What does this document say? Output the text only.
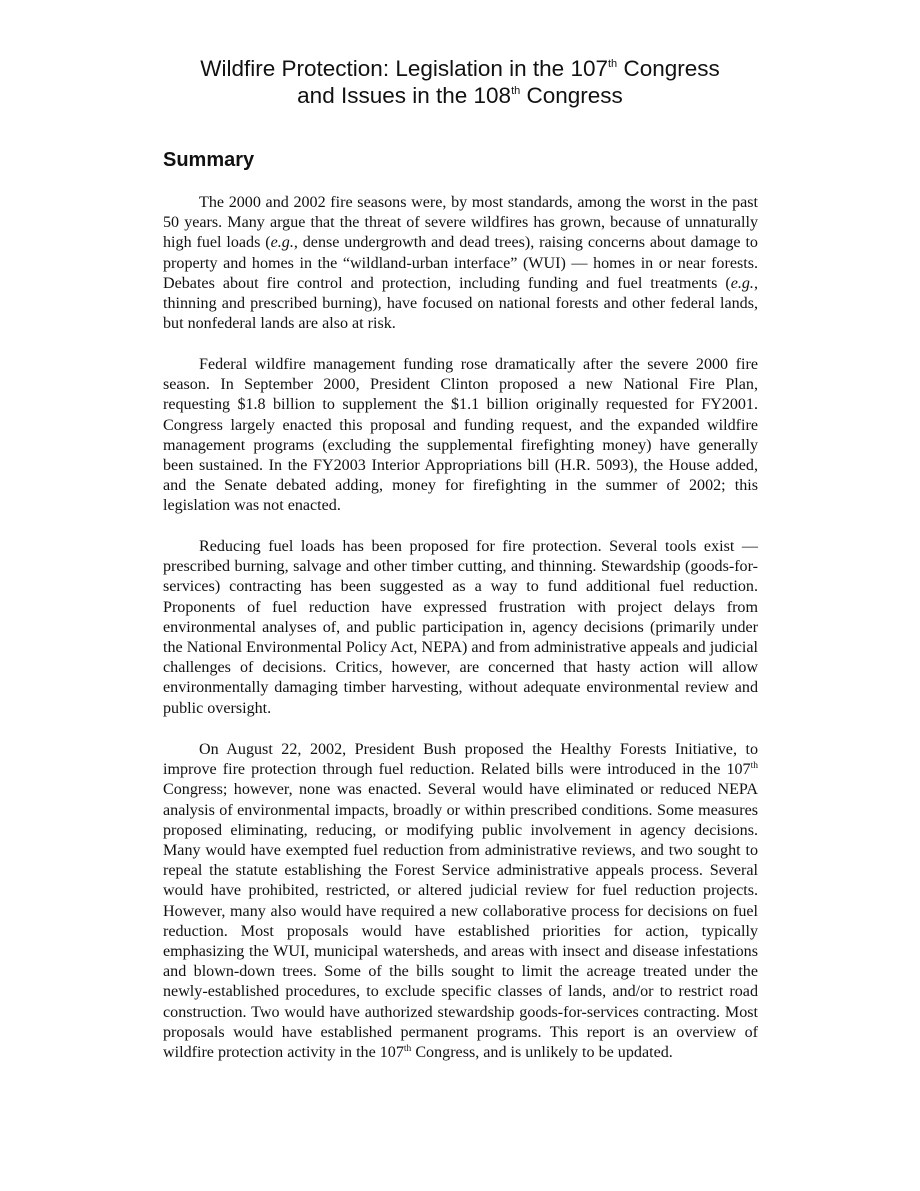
Wildfire Protection: Legislation in the 107th Congress
and Issues in the 108th Congress
Summary

The 2000 and 2002 fire seasons were, by most standards, among the worst in the past 50 years. Many argue that the threat of severe wildfires has grown, because of unnaturally high fuel loads (e.g., dense undergrowth and dead trees), raising concerns about damage to property and homes in the “wildland-urban interface” (WUI) — homes in or near forests. Debates about fire control and protection, including funding and fuel treatments (e.g., thinning and prescribed burning), have focused on national forests and other federal lands, but nonfederal lands are also at risk.

Federal wildfire management funding rose dramatically after the severe 2000 fire season. In September 2000, President Clinton proposed a new National Fire Plan, requesting $1.8 billion to supplement the $1.1 billion originally requested for FY2001. Congress largely enacted this proposal and funding request, and the expanded wildfire management programs (excluding the supplemental firefighting money) have generally been sustained. In the FY2003 Interior Appropriations bill (H.R. 5093), the House added, and the Senate debated adding, money for firefighting in the summer of 2002; this legislation was not enacted.

Reducing fuel loads has been proposed for fire protection. Several tools exist — prescribed burning, salvage and other timber cutting, and thinning. Stewardship (goods-for-services) contracting has been suggested as a way to fund additional fuel reduction. Proponents of fuel reduction have expressed frustration with project delays from environmental analyses of, and public participation in, agency decisions (primarily under the National Environmental Policy Act, NEPA) and from administrative appeals and judicial challenges of decisions. Critics, however, are concerned that hasty action will allow environmentally damaging timber harvesting, without adequate environmental review and public oversight.

On August 22, 2002, President Bush proposed the Healthy Forests Initiative, to improve fire protection through fuel reduction. Related bills were introduced in the 107th Congress; however, none was enacted. Several would have eliminated or reduced NEPA analysis of environmental impacts, broadly or within prescribed conditions. Some measures proposed eliminating, reducing, or modifying public involvement in agency decisions. Many would have exempted fuel reduction from administrative reviews, and two sought to repeal the statute establishing the Forest Service administrative appeals process. Several would have prohibited, restricted, or altered judicial review for fuel reduction projects. However, many also would have required a new collaborative process for decisions on fuel reduction. Most proposals would have established priorities for action, typically emphasizing the WUI, municipal watersheds, and areas with insect and disease infestations and blown-down trees. Some of the bills sought to limit the acreage treated under the newly-established procedures, to exclude specific classes of lands, and/or to restrict road construction. Two would have authorized stewardship goods-for-services contracting. Most proposals would have established permanent programs. This report is an overview of wildfire protection activity in the 107th Congress, and is unlikely to be updated.
